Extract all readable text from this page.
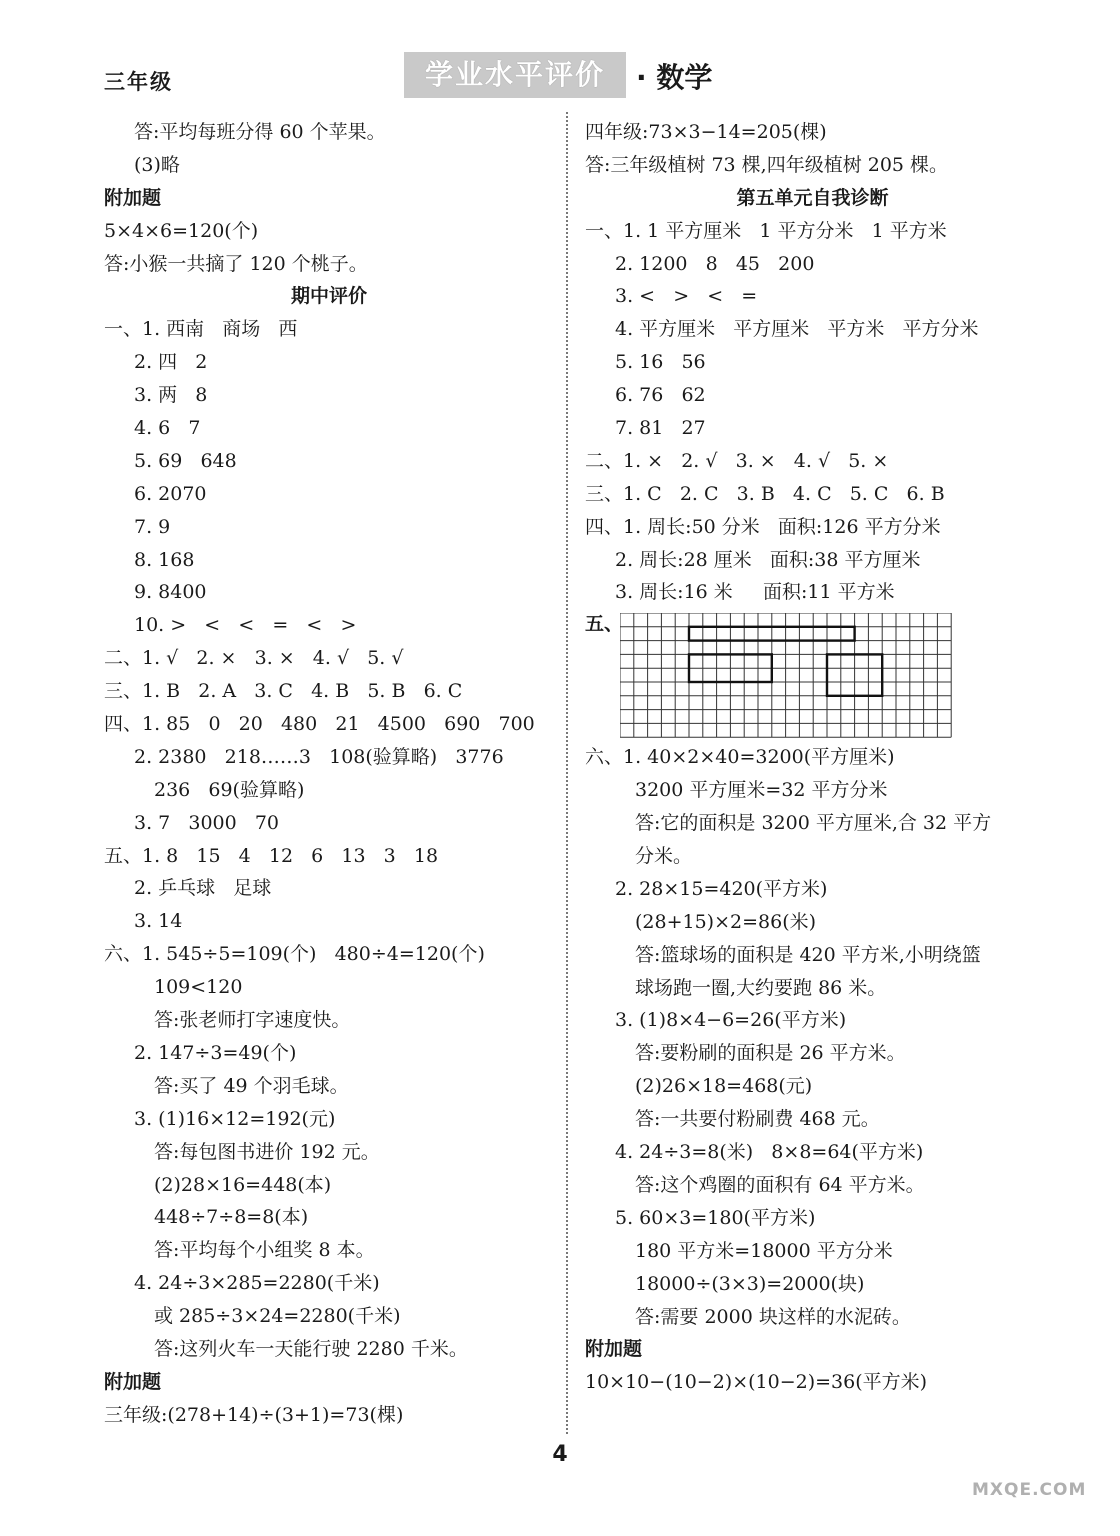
三年级	学业水平评价	· 数学
答:平均每班分得 60 个苹果。
(3)略
附加题
5×4×6=120(个)
答:小猴一共摘了 120 个桃子。
期中评价
一、1. 西南   商场   西
2. 四   2
3. 两   8
4. 6   7
5. 69   648
6. 2070
7. 9
8. 168
9. 8400
10. >   <   <   =   <   >
二、1. √   2. ×   3. ×   4. √   5. √
三、1. B   2. A   3. C   4. B   5. B   6. C
四、1. 85   0   20   480   21   4500   690   700
2. 2380   218……3   108(验算略)   3776
236   69(验算略)
3. 7   3000   70
五、1. 8   15   4   12   6   13   3   18
2. 乒乓球   足球
3. 14
六、1. 545÷5=109(个)   480÷4=120(个)
109<120
答:张老师打字速度快。
2. 147÷3=49(个)
答:买了 49 个羽毛球。
3. (1)16×12=192(元)
答:每包图书进价 192 元。
(2)28×16=448(本)
448÷7÷8=8(本)
答:平均每个小组奖 8 本。
4. 24÷3×285=2280(千米)
或 285÷3×24=2280(千米)
答:这列火车一天能行驶 2280 千米。
附加题
三年级:(278+14)÷(3+1)=73(棵)
四年级:73×3−14=205(棵)
答:三年级植树 73 棵,四年级植树 205 棵。
第五单元自我诊断
一、1. 1 平方厘米   1 平方分米   1 平方米
2. 1200   8   45   200
3. <   >   <   =
4. 平方厘米   平方厘米   平方米   平方分米
5. 16   56
6. 76   62
7. 81   27
二、1. ×   2. √   3. ×   4. √   5. ×
三、1. C   2. C   3. B   4. C   5. C   6. B
四、1. 周长:50 分米   面积:126 平方分米
2. 周长:28 厘米   面积:38 平方厘米
3. 周长:16 米     面积:11 平方米
五、
六、1. 40×2×40=3200(平方厘米)
3200 平方厘米=32 平方分米
答:它的面积是 3200 平方厘米,合 32 平方
分米。
2. 28×15=420(平方米)
(28+15)×2=86(米)
答:篮球场的面积是 420 平方米,小明绕篮
球场跑一圈,大约要跑 86 米。
3. (1)8×4−6=26(平方米)
答:要粉刷的面积是 26 平方米。
(2)26×18=468(元)
答:一共要付粉刷费 468 元。
4. 24÷3=8(米)   8×8=64(平方米)
答:这个鸡圈的面积有 64 平方米。
5. 60×3=180(平方米)
180 平方米=18000 平方分米
18000÷(3×3)=2000(块)
答:需要 2000 块这样的水泥砖。
附加题
10×10−(10−2)×(10−2)=36(平方米)
4
MXQE.COM
